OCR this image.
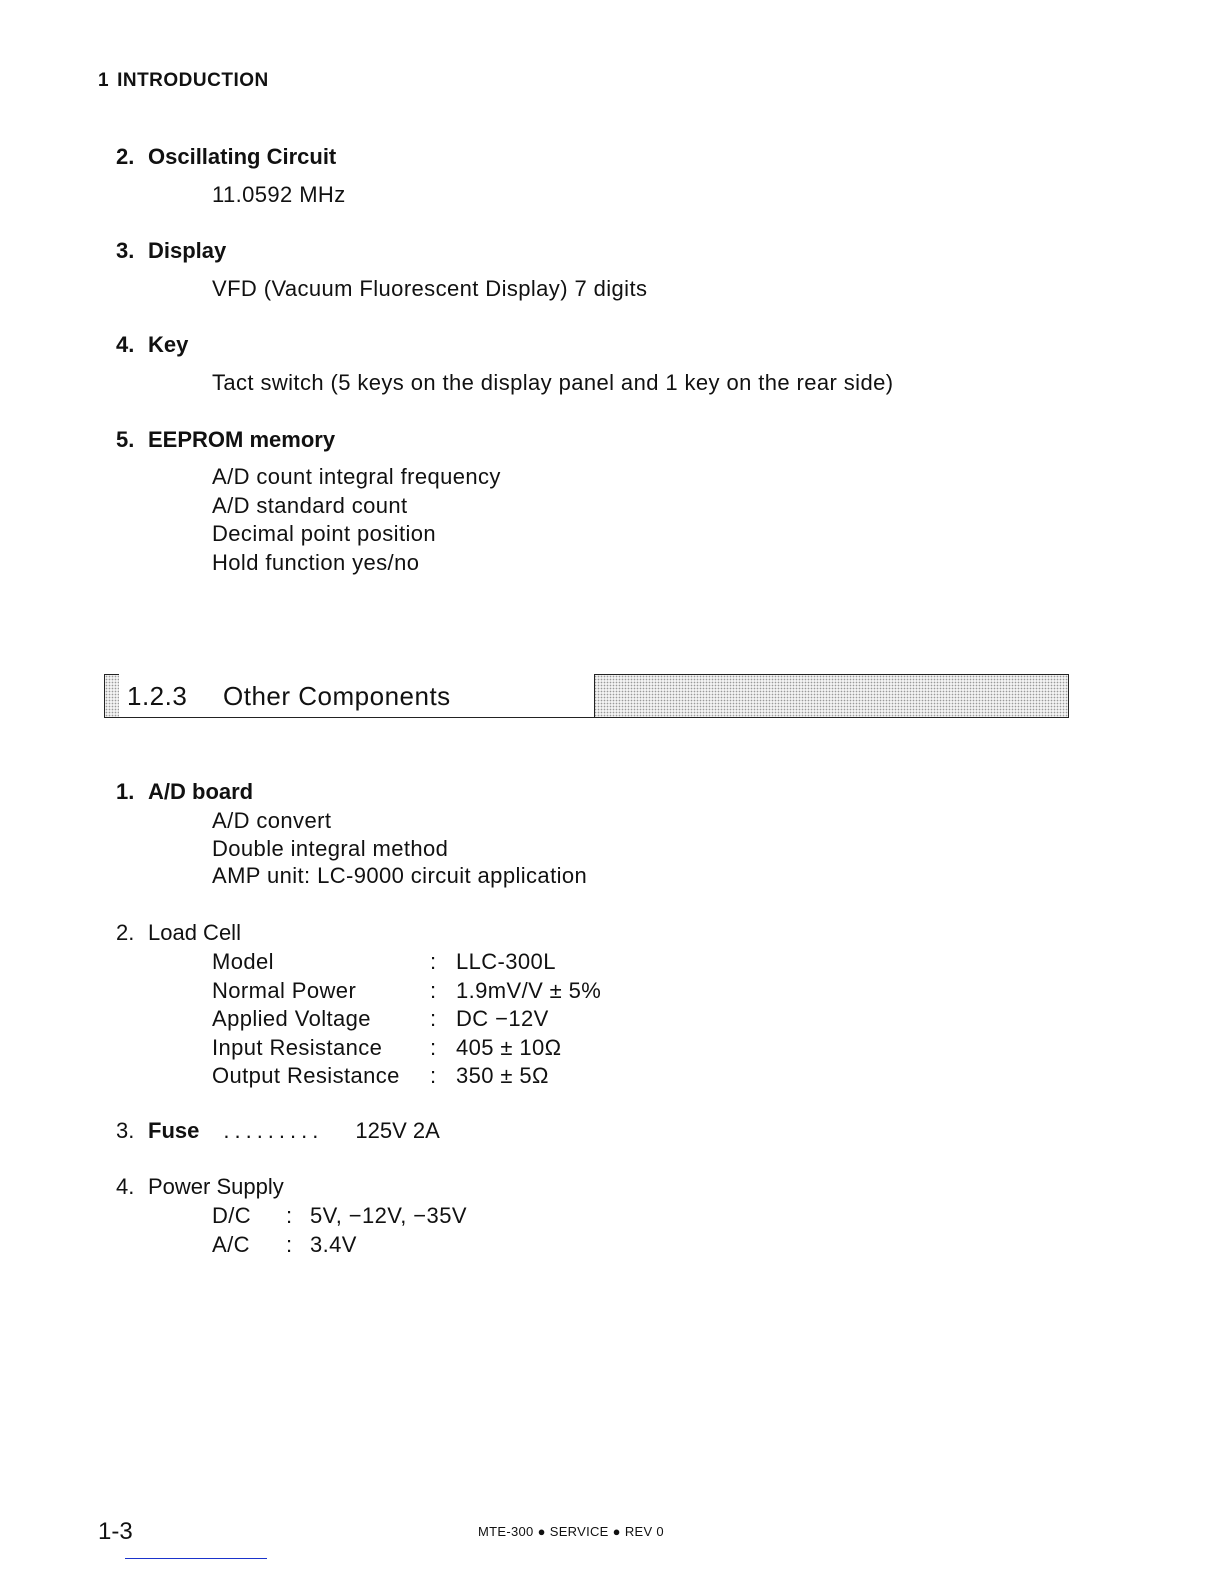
1 INTRODUCTION
2. Oscillating Circuit
11.0592 MHz
3. Display
VFD (Vacuum Fluorescent Display) 7 digits
4. Key
Tact switch (5 keys on the display panel and 1 key on the rear side)
5. EEPROM memory
A/D count integral frequency
A/D standard count
Decimal point position
Hold function yes/no
1.2.3 Other Components
1. A/D board
A/D convert
Double integral method
AMP unit: LC-9000 circuit application
2. Load Cell
Model	:	LLC-300L
Normal Power	:	1.9mV/V ± 5%
Applied Voltage	:	DC −12V
Input Resistance	:	405 ± 10Ω
Output Resistance	:	350 ± 5Ω
3. Fuse ......... 125V 2A
4. Power Supply
D/C	:	5V, −12V, −35V
A/C	:	3.4V
1-3	MTE-300 ● SERVICE ● REV 0
